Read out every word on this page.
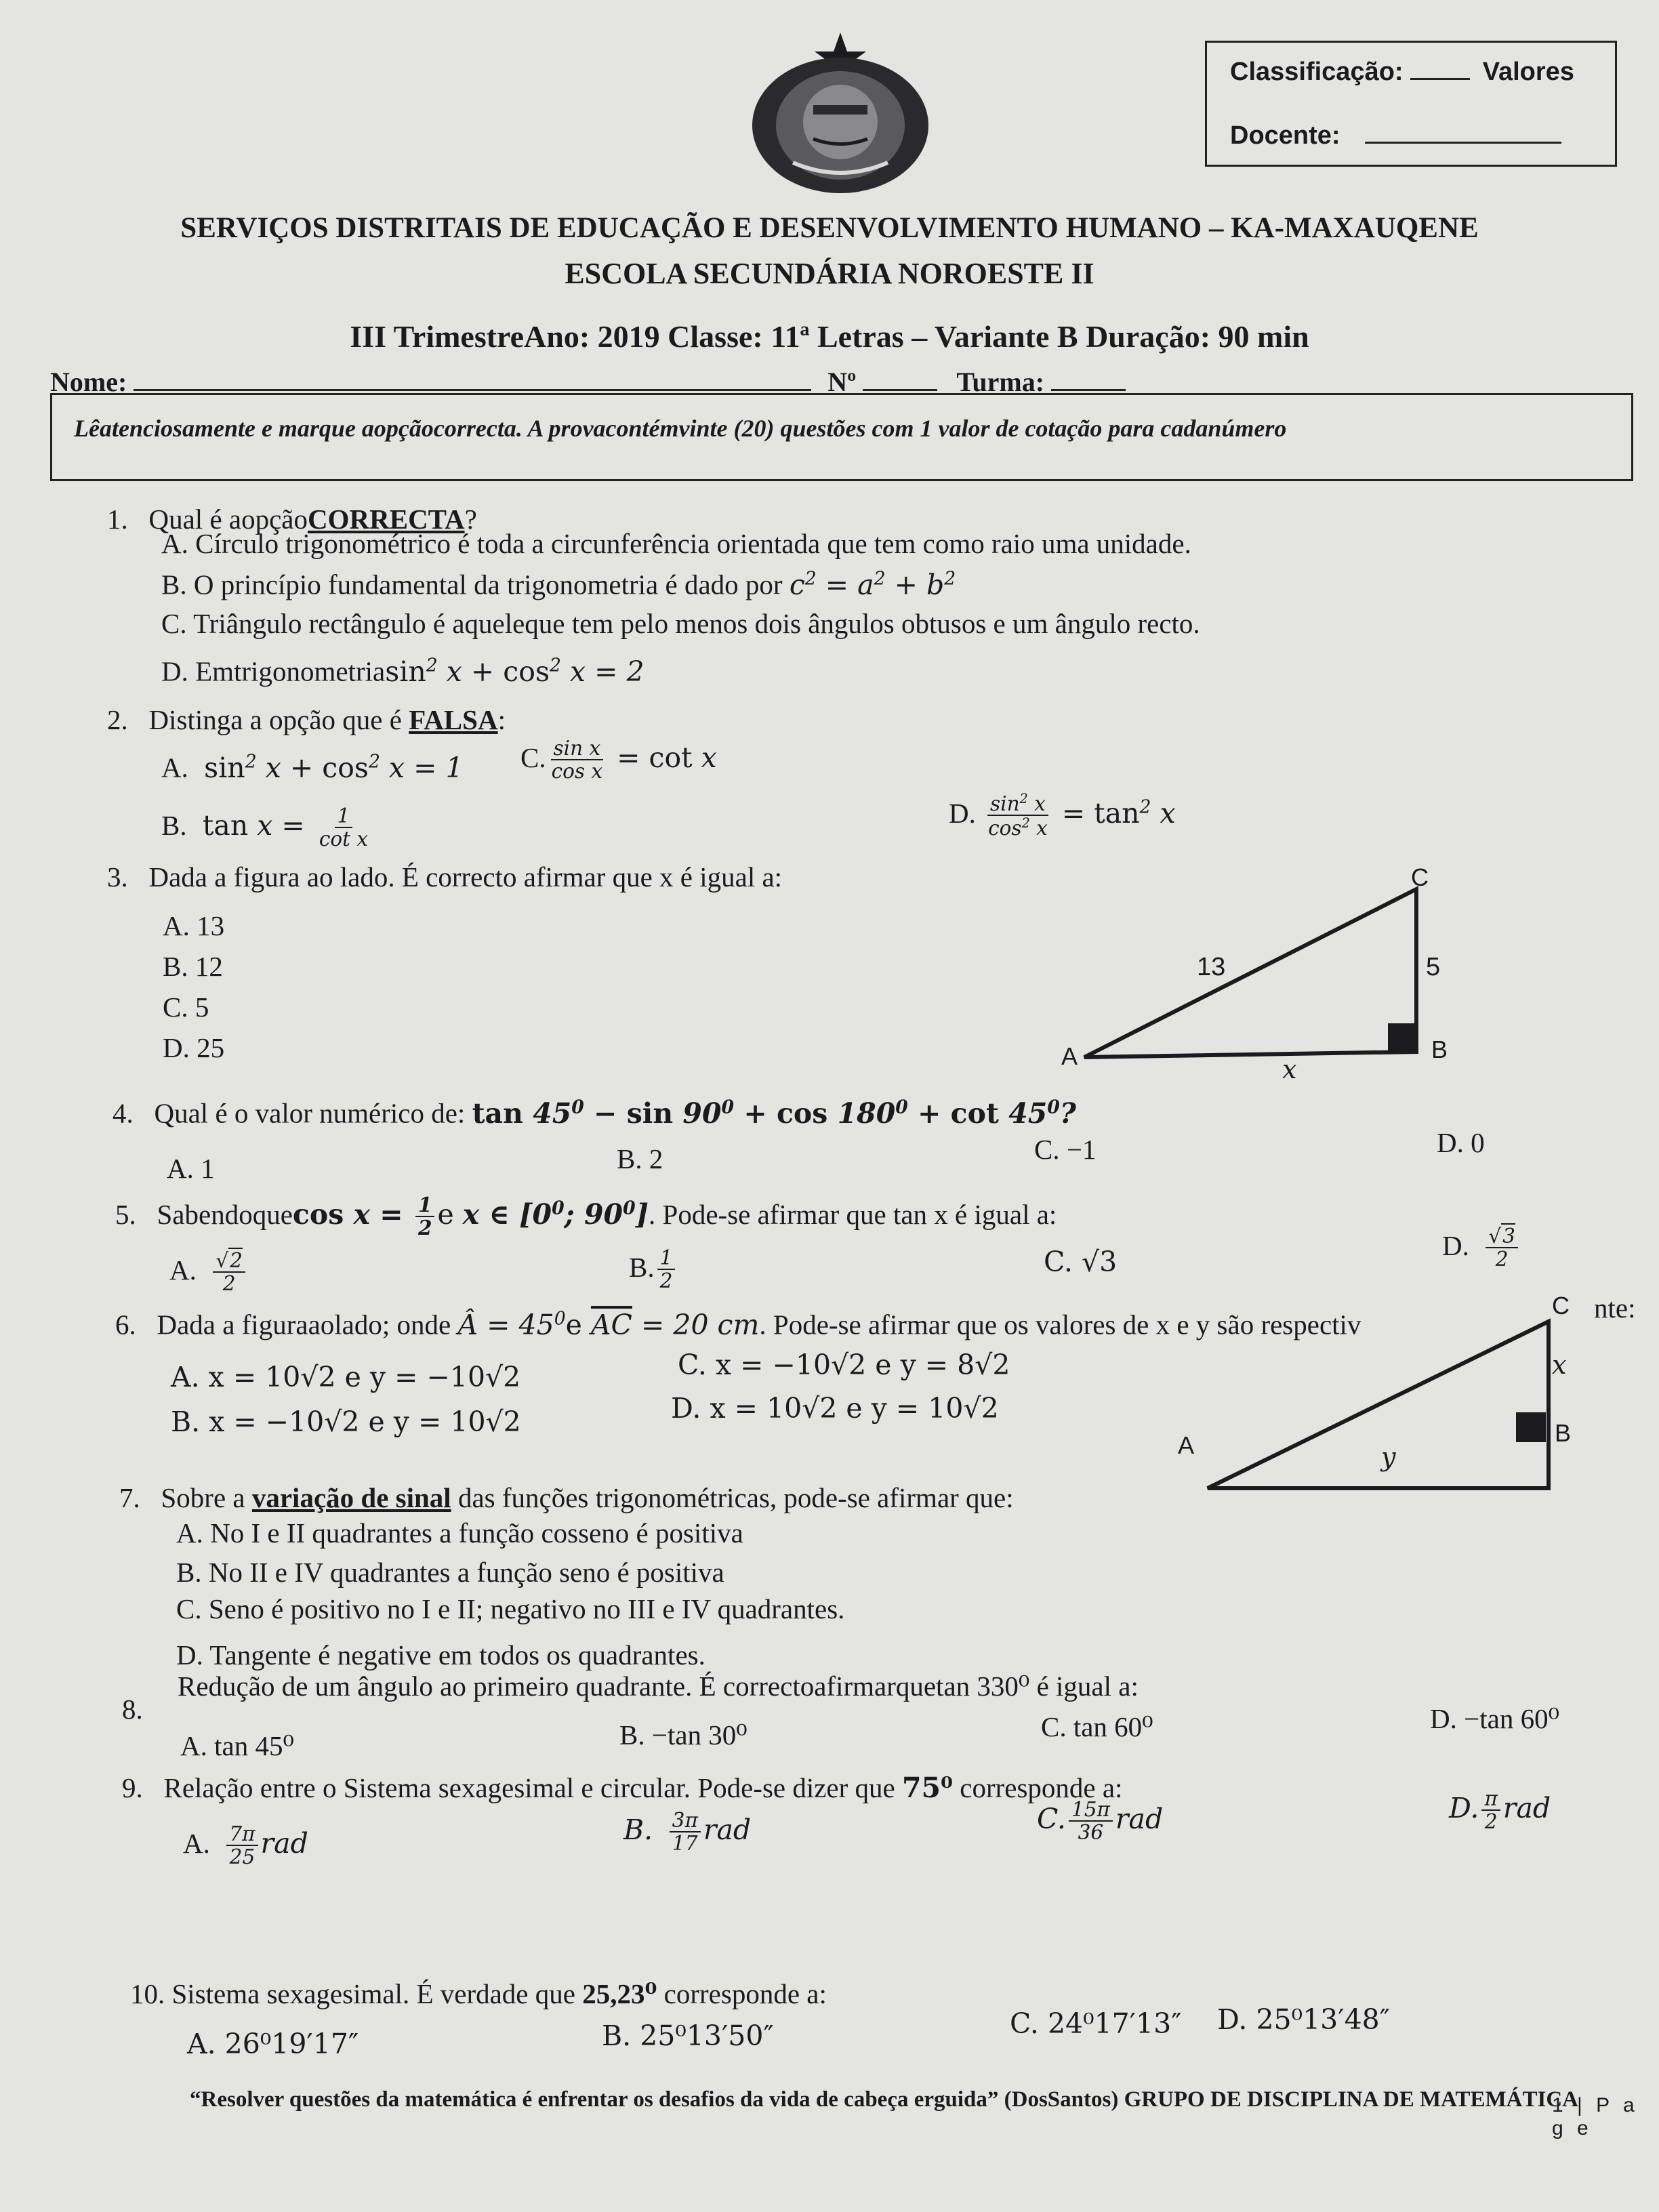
Classificação:	Valores
Docente:
SERVIÇOS DISTRITAIS DE EDUCAÇÃO E DESENVOLVIMENTO HUMANO – KA-MAXAUQENE
ESCOLA SECUNDÁRIA NOROESTE II
III TrimestreAno: 2019 Classe: 11ª Letras – Variante B Duração: 90 min
Nome:	Nº	Turma:
Lêatenciosamente e marque aopçãocorrecta. A provacontémvinte (20) questões com 1 valor de cotação para cadanúmero
1. Qual é aopçãoCORRECTA?
A. Círculo trigonométrico é toda a circunferência orientada que tem como raio uma unidade.
B. O princípio fundamental da trigonometria é dado por $c^2 = a^2 + b^2$
C. Triângulo rectângulo é aqueleque tem pelo menos dois ângulos obtusos e um ângulo recto.
D. Emtrigonometriasin$^2$ $x + \cos^2 x = 2$
2. Distinga a opção que é FALSA:
A. $\sin^2 x + \cos^2 x = 1$ C. $\frac{\text{sin x}}{\text{cos x}} = \cot x$
B. $\tan x = \frac{1}{\text{cot x}}$	D. $\frac{\sin^2 x}{\cos^2 x} = \tan^2 x$
3. Dada a figura ao lado. É correcto afirmar que x é igual a:
A. 13
B. 12
C. 5
D. 25
C
A	B
13	5
x
4. Qual é o valor numérico de: $\tan 45^0 - \sin 90^0 + \cos 180^0 + \cot 45^0$?
A. 1	B. 2	C. −1	D. 0
5. Sabendoquecos $x = \frac{1}{2}$ e x ∈ [$0^0$; $90^0$]. Pode-se afirmar que tan x é igual a:
A. $\frac{√2}{2}$	B. $\frac{1}{2}$	C. √3
D. $\frac{√3}{2}$
6. Dada a figuraaolado; onde Â = $45^0e$ $\overline{AC} = 20$ cm. Pode-se afirmar que os valores de x e y são respectiv
nte:
A. x = 10√2 e y = −10√2	C. x = −10√2 e y = 8√2
B. x = −10√2 e y = 10√2	D. x = 10√2 e y = 10√2
C
A	B
x
y
7. Sobre a variação de sinal das funções trigonométricas, pode-se afirmar que:
A. No I e II quadrantes a função cosseno é positiva
B. No II e IV quadrantes a função seno é positiva
C. Seno é positivo no I e II; negativo no III e IV quadrantes.
D. Tangente é negative em todos os quadrantes.
Redução de um ângulo ao primeiro quadrante. É correctoafirmarquetan 330⁰ é igual a:
8.
A. tan 45⁰	B. −tan 30⁰	C. tan 60⁰	D. −tan 60⁰
9. Relação entre o Sistema sexagesimal e circular. Pode-se dizer que 75⁰ corresponde a:
A. $\frac{7\pi}{25}$ rad	B. $\frac{3\pi}{17}$ rad	C. $\frac{15\pi}{36}$ rad	D. $\frac{\pi}{2}$ rad
10. Sistema sexagesimal. É verdade que 25,23⁰ corresponde a:
A. 26⁰19′17″	B. 25⁰13′50″	C. 24⁰17′13″ D. 25⁰13′48″
“Resolver questões da matemática é enfrentar os desafios da vida de cabeça erguida” (DosSantos) GRUPO DE DISCIPLINA DE MATEMÁTICA
1 | P a g e
